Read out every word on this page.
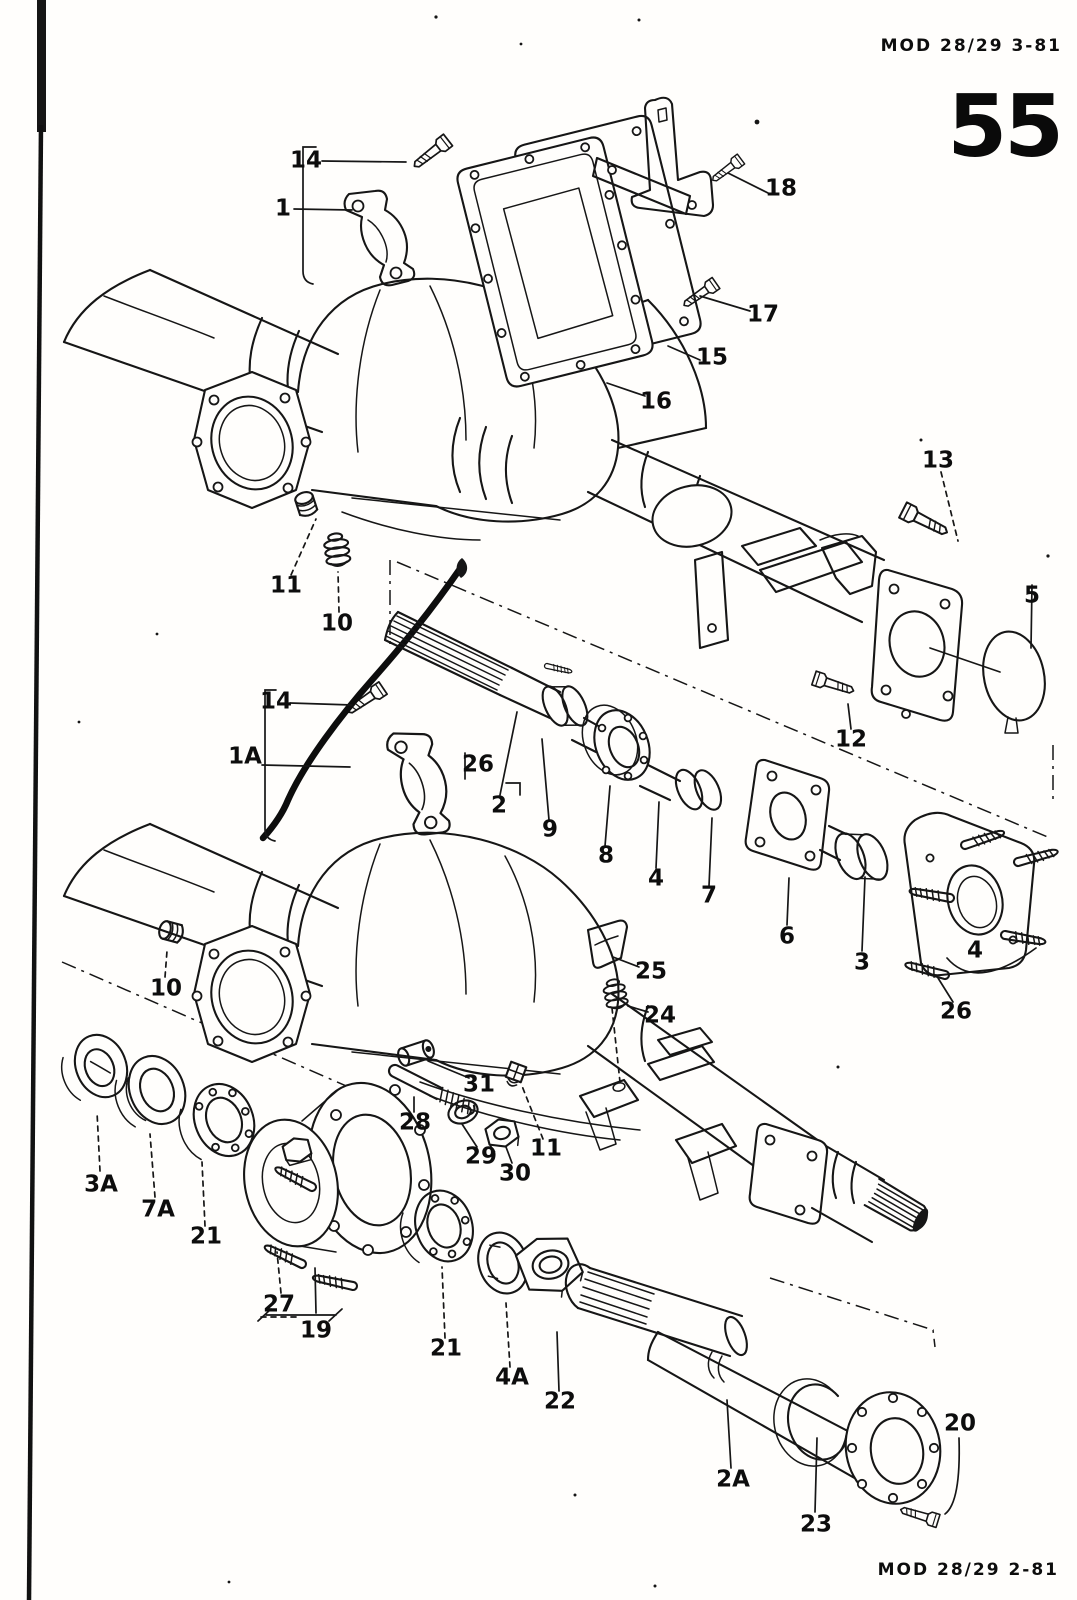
14
1
18
17
15
16
11
10
13
5
12
14
1A	26
2
9
8
4
7
6
3	4
26
10
25
24
3A
7A
31
28
29
30
11
21
27
19
21
4A
22
2A
23
20
MOD 28/29 3-81
55
MOD 28/29 2-81
